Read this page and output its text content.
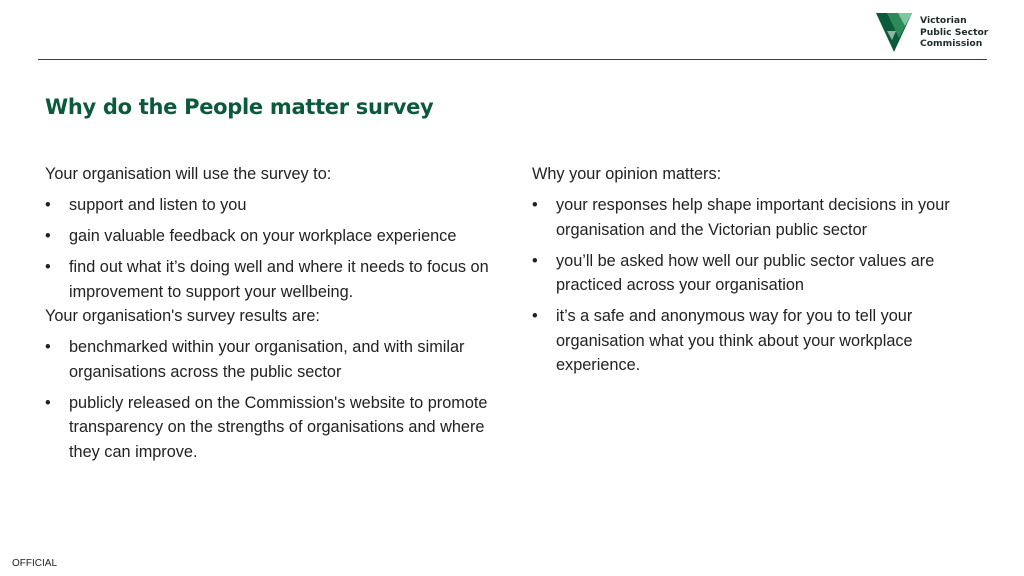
Victorian
Public Sector
Commission
Why do the People matter survey

Your organisation will use the survey to:

• support and listen to you
• gain valuable feedback on your workplace experience
• find out what it’s doing well and where it needs to focus on improvement to support your wellbeing.

Your organisation's survey results are:

• benchmarked within your organisation, and with similar organisations across the public sector
• publicly released on the Commission's website to promote transparency on the strengths of organisations and where they can improve.

Why your opinion matters:

• your responses help shape important decisions in your organisation and the Victorian public sector
• you’ll be asked how well our public sector values are practiced across your organisation
• it’s a safe and anonymous way for you to tell your organisation what you think about your workplace experience.
OFFICIAL
